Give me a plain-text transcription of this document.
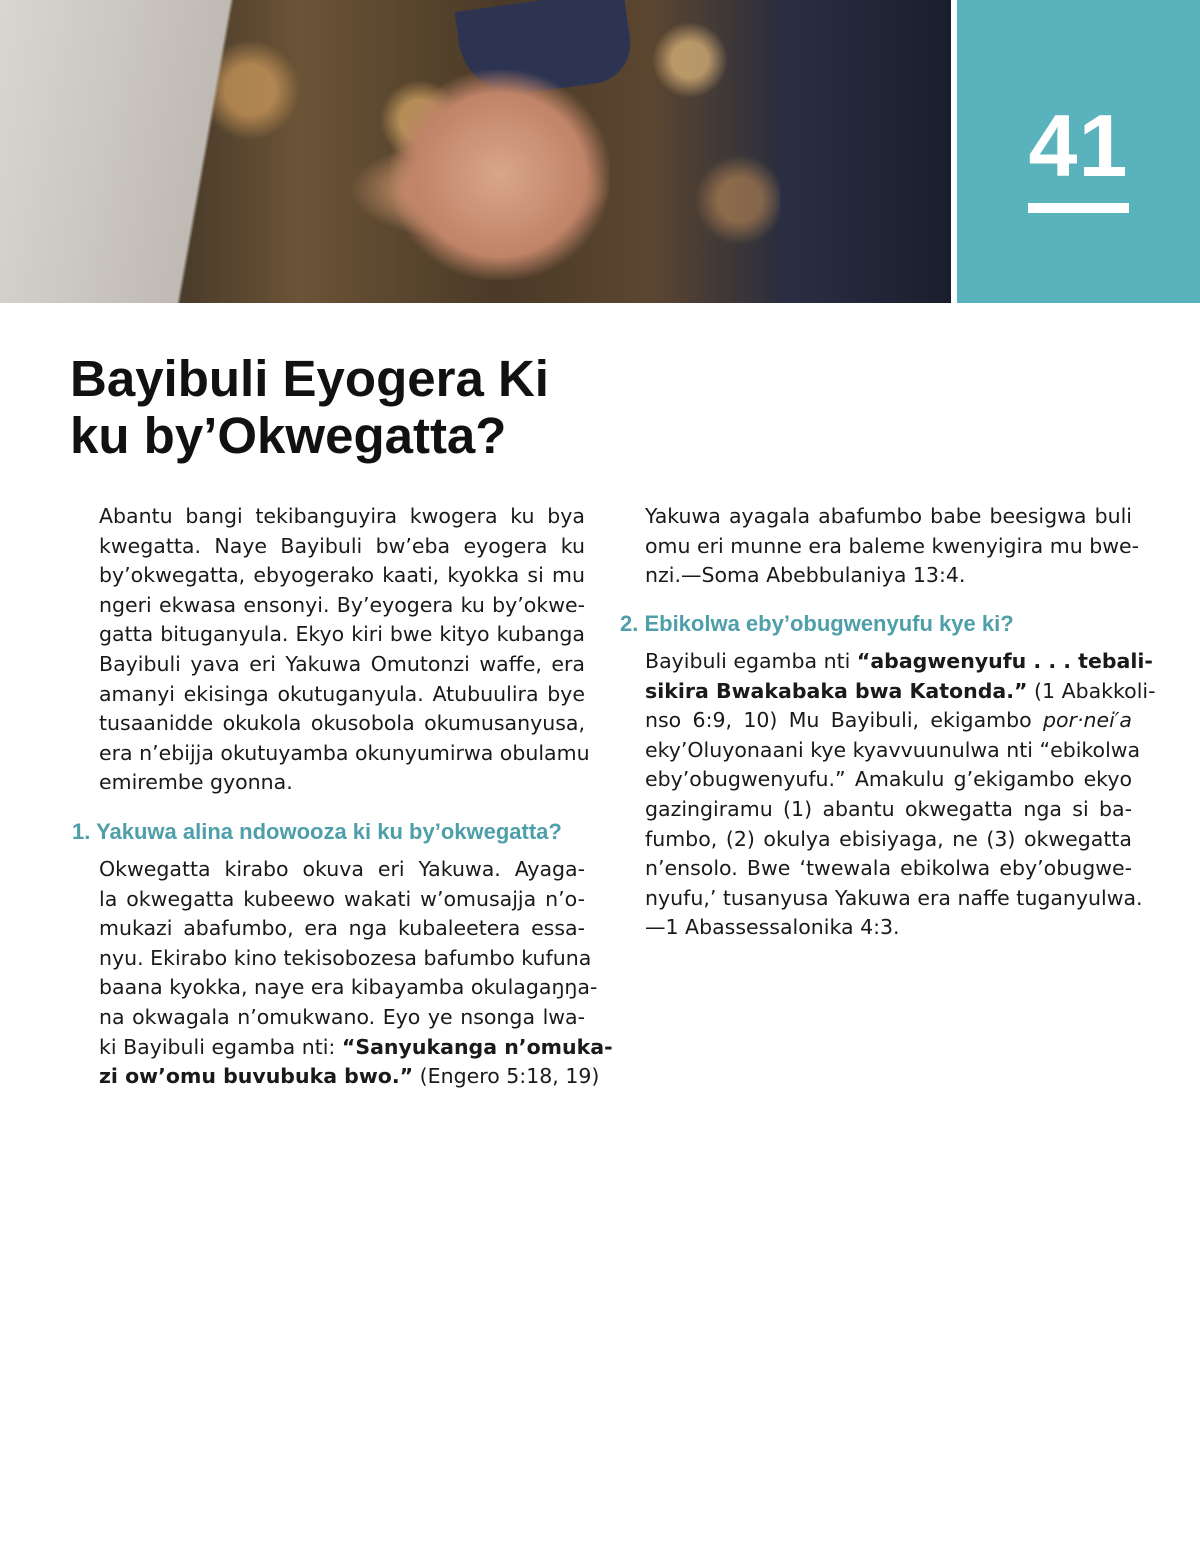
41
Bayibuli Eyogera Ki
ku by’Okwegatta?
Abantu bangi tekibanguyira kwogera ku bya
kwegatta. Naye Bayibuli bw’eba eyogera ku
by’okwegatta, ebyogerako kaati, kyokka si mu
ngeri ekwasa ensonyi. By’eyogera ku by’okwe-
gatta bituganyula. Ekyo kiri bwe kityo kubanga
Bayibuli yava eri Yakuwa Omutonzi waffe, era
amanyi ekisinga okutuganyula. Atubuulira bye
tusaanidde okukola okusobola okumusanyusa,
era n’ebijja okutuyamba okunyumirwa obulamu
emirembe gyonna.
1. Yakuwa alina ndowooza ki ku by’okwegatta?
Okwegatta kirabo okuva eri Yakuwa. Ayaga-
la okwegatta kubeewo wakati w’omusajja n’o-
mukazi abafumbo, era nga kubaleetera essa-
nyu. Ekirabo kino tekisobozesa bafumbo kufuna
baana kyokka, naye era kibayamba okulagaŋŋa-
na okwagala n’omukwano. Eyo ye nsonga lwa-
ki Bayibuli egamba nti: “Sanyukanga n’omuka-
zi ow’omu buvubuka bwo.” (Engero 5:18, 19)
Yakuwa ayagala abafumbo babe beesigwa buli
omu eri munne era baleme kwenyigira mu bwe-
nzi.—Soma Abebbulaniya 13:4.
2. Ebikolwa eby’obugwenyufu kye ki?
Bayibuli egamba nti “abagwenyufu . . . tebali-
sikira Bwakabaka bwa Katonda.” (1 Abakkoli-
nso 6:9, 10) Mu Bayibuli, ekigambo por·nei′a
eky’Oluyonaani kye kyavvuunulwa nti “ebikolwa
eby’obugwenyufu.” Amakulu g’ekigambo ekyo
gazingiramu (1) abantu okwegatta nga si ba-
fumbo, (2) okulya ebisiyaga, ne (3) okwegatta
n’ensolo. Bwe ‘twewala ebikolwa eby’obugwe-
nyufu,’ tusanyusa Yakuwa era naffe tuganyulwa.
—1 Abassessalonika 4:3.
